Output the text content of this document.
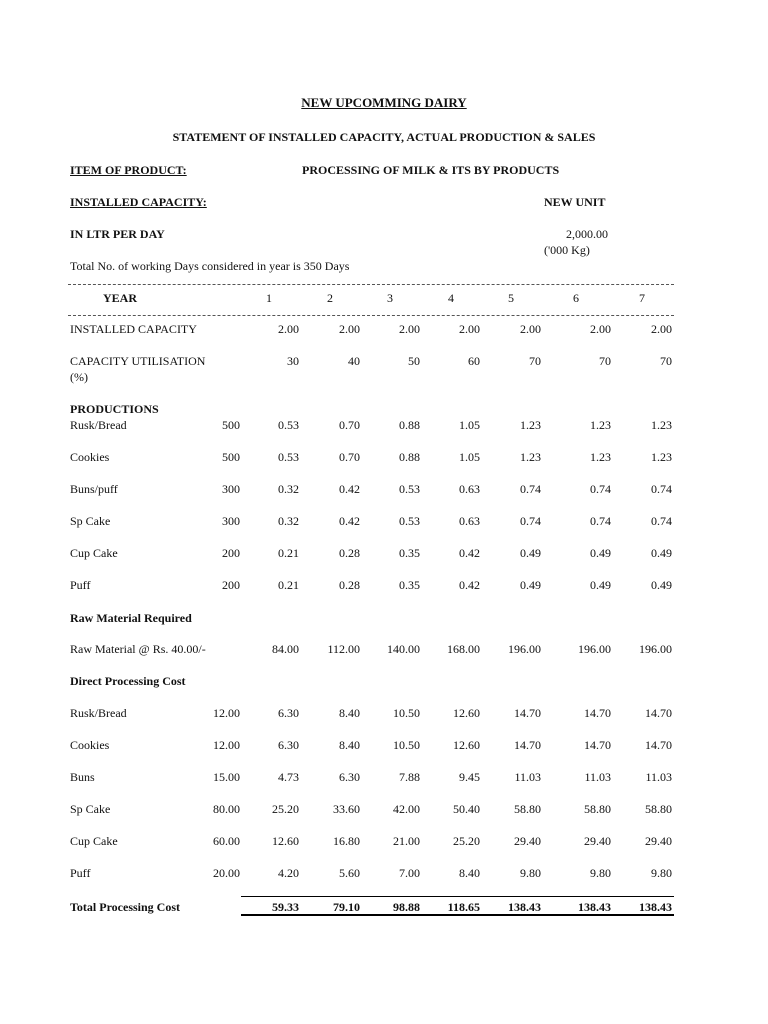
NEW UPCOMMING DAIRY
STATEMENT OF INSTALLED CAPACITY, ACTUAL PRODUCTION & SALES
ITEM OF PRODUCT:	PROCESSING OF MILK & ITS BY PRODUCTS
INSTALLED CAPACITY:	NEW UNIT
IN LTR PER DAY	2,000.00
('000 Kg)
Total No. of working Days considered in year is 350 Days
YEAR	1	2	3	4	5	6	7
INSTALLED CAPACITY	2.00	2.00	2.00	2.00	2.00	2.00	2.00
CAPACITY UTILISATION	30	40	50	60	70	70	70
(%)
PRODUCTIONS
Rusk/Bread	500	0.53	0.70	0.88	1.05	1.23	1.23	1.23
Cookies	500	0.53	0.70	0.88	1.05	1.23	1.23	1.23
Buns/puff	300	0.32	0.42	0.53	0.63	0.74	0.74	0.74
Sp Cake	300	0.32	0.42	0.53	0.63	0.74	0.74	0.74
Cup Cake	200	0.21	0.28	0.35	0.42	0.49	0.49	0.49
Puff	200	0.21	0.28	0.35	0.42	0.49	0.49	0.49
Raw Material Required
Raw Material @ Rs. 40.00/-	84.00	112.00	140.00	168.00	196.00	196.00	196.00
Direct Processing Cost
Rusk/Bread	12.00	6.30	8.40	10.50	12.60	14.70	14.70	14.70
Cookies	12.00	6.30	8.40	10.50	12.60	14.70	14.70	14.70
Buns	15.00	4.73	6.30	7.88	9.45	11.03	11.03	11.03
Sp Cake	80.00	25.20	33.60	42.00	50.40	58.80	58.80	58.80
Cup Cake	60.00	12.60	16.80	21.00	25.20	29.40	29.40	29.40
Puff	20.00	4.20	5.60	7.00	8.40	9.80	9.80	9.80
Total Processing Cost	59.33	79.10	98.88	118.65	138.43	138.43	138.43
